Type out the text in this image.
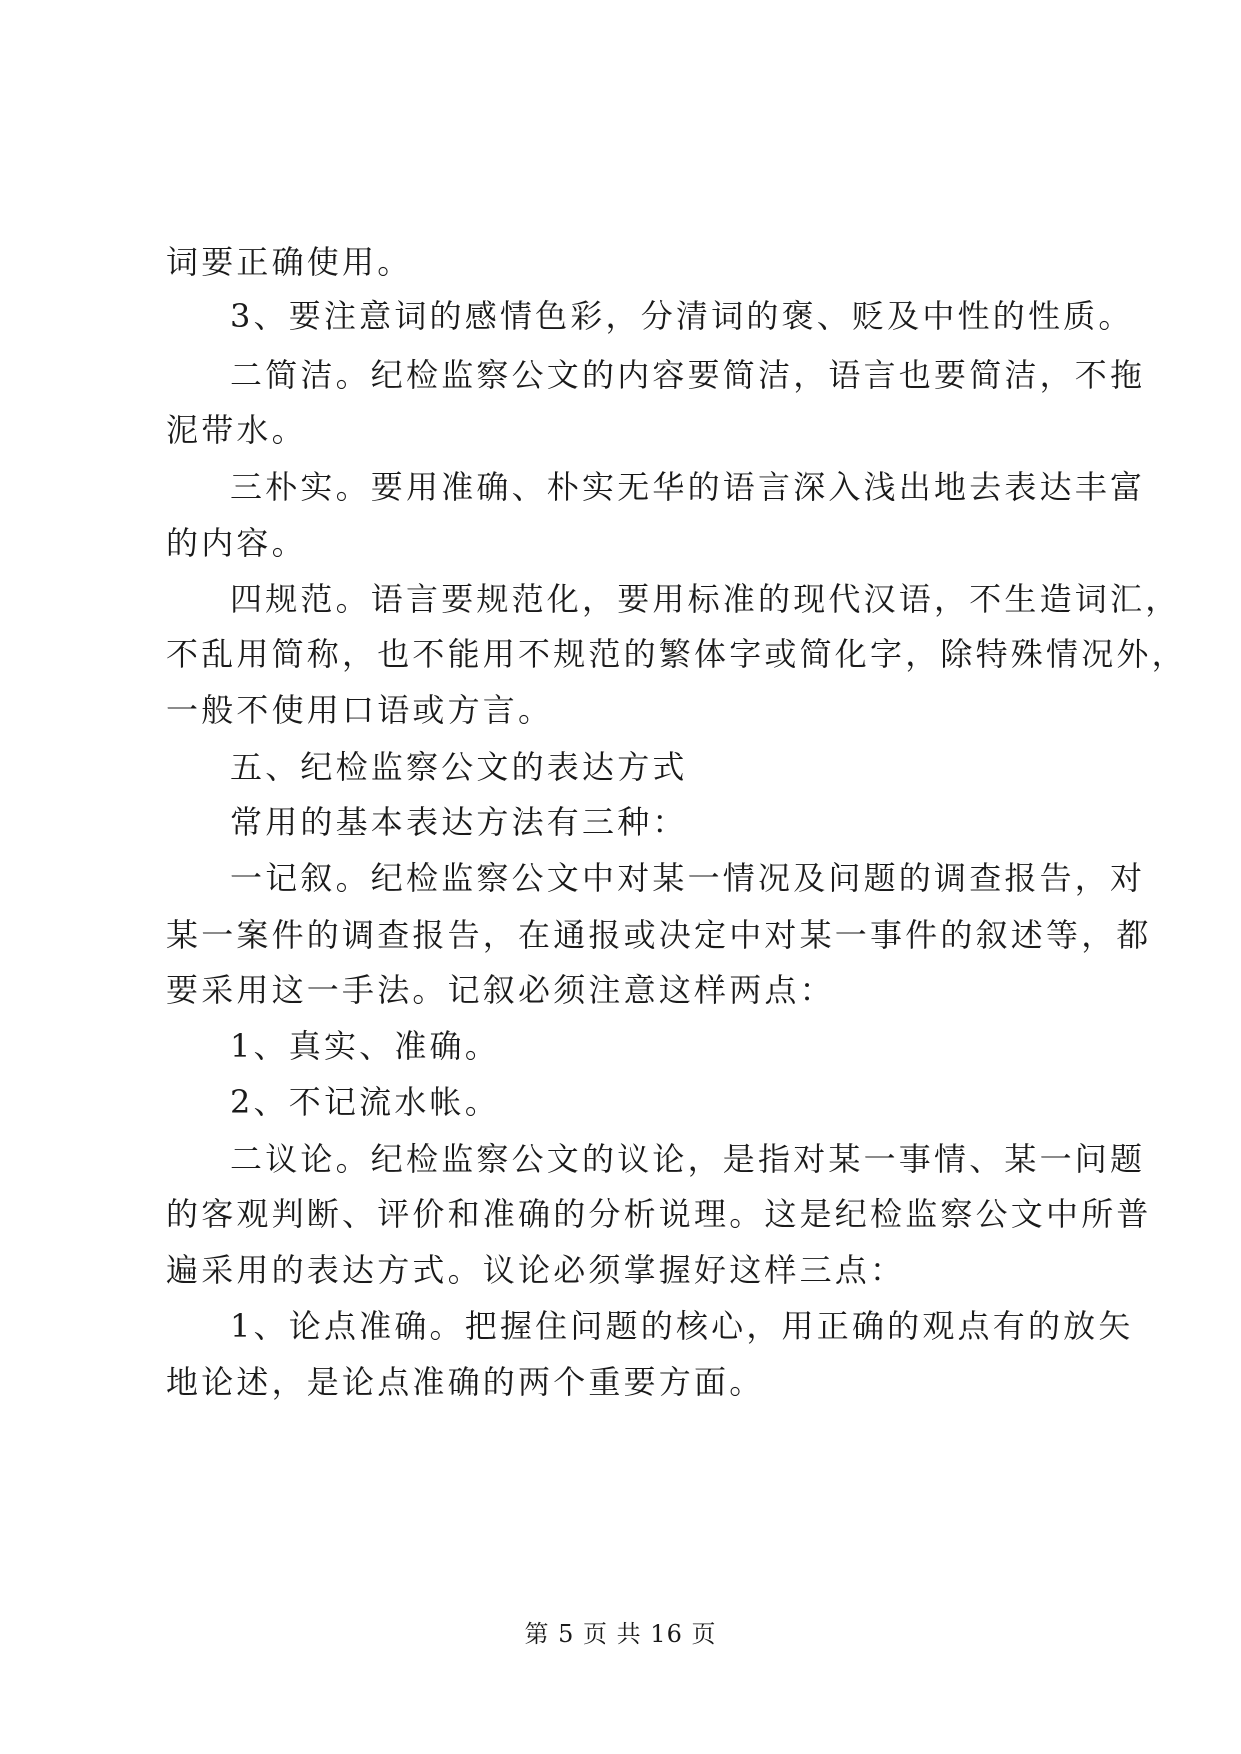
词要正确使用。
3、要注意词的感情色彩，分清词的褒、贬及中性的性质。
二简洁。纪检监察公文的内容要简洁，语言也要简洁，不拖
泥带水。
三朴实。要用准确、朴实无华的语言深入浅出地去表达丰富
的内容。
四规范。语言要规范化，要用标准的现代汉语，不生造词汇，
不乱用简称，也不能用不规范的繁体字或简化字，除特殊情况外，
一般不使用口语或方言。
五、纪检监察公文的表达方式
常用的基本表达方法有三种：
一记叙。纪检监察公文中对某一情况及问题的调查报告，对
某一案件的调查报告，在通报或决定中对某一事件的叙述等，都
要采用这一手法。记叙必须注意这样两点：
1、真实、准确。
2、不记流水帐。
二议论。纪检监察公文的议论，是指对某一事情、某一问题
的客观判断、评价和准确的分析说理。这是纪检监察公文中所普
遍采用的表达方式。议论必须掌握好这样三点：
1、论点准确。把握住问题的核心，用正确的观点有的放矢
地论述，是论点准确的两个重要方面。
第 5 页 共 16 页
